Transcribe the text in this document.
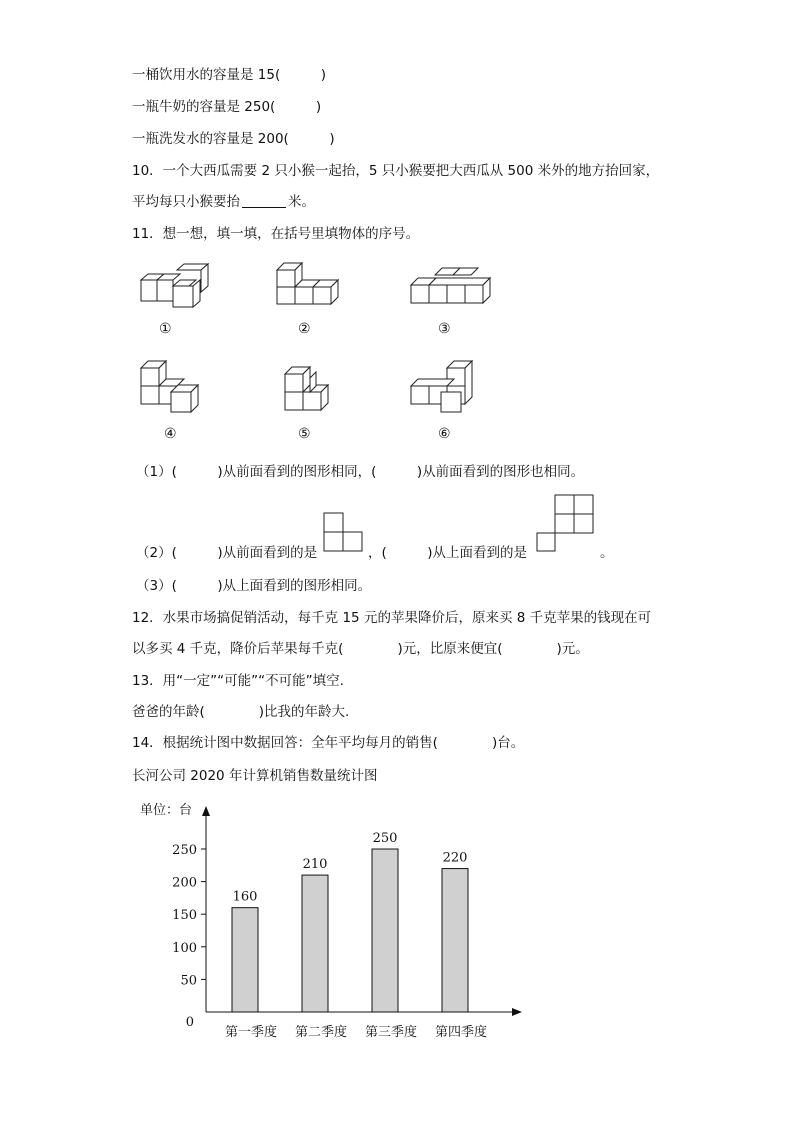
一桶饮用水的容量是 15(　　　)
一瓶牛奶的容量是 250(　　　)
一瓶洗发水的容量是 200(　　　)
10．一个大西瓜需要 2 只小猴一起抬，5 只小猴要把大西瓜从 500 米外的地方抬回家，
平均每只小猴要抬	米。
11．想一想，填一填，在括号里填物体的序号。
①	②	③
④	⑤	⑥
（1）(　　　)从前面看到的图形相同，(　　　)从前面看到的图形也相同。
（2）(　　　)从前面看到的是	，(　　　)从上面看到的是	。
（3）(　　　)从上面看到的图形相同。
12．水果市场搞促销活动，每千克 15 元的苹果降价后，原来买 8 千克苹果的钱现在可
以多买 4 千克，降价后苹果每千克(　　　　)元，比原来便宜(　　　　)元。
13．用“一定”“可能”“不可能”填空.
爸爸的年龄(　　　　)比我的年龄大.
14．根据统计图中数据回答：全年平均每月的销售(　　　　)台。
长河公司 2020 年计算机销售数量统计图
单位：台
0
50
100
150
200
250
160
第一季度
210
第二季度
250
第三季度
220
第四季度
